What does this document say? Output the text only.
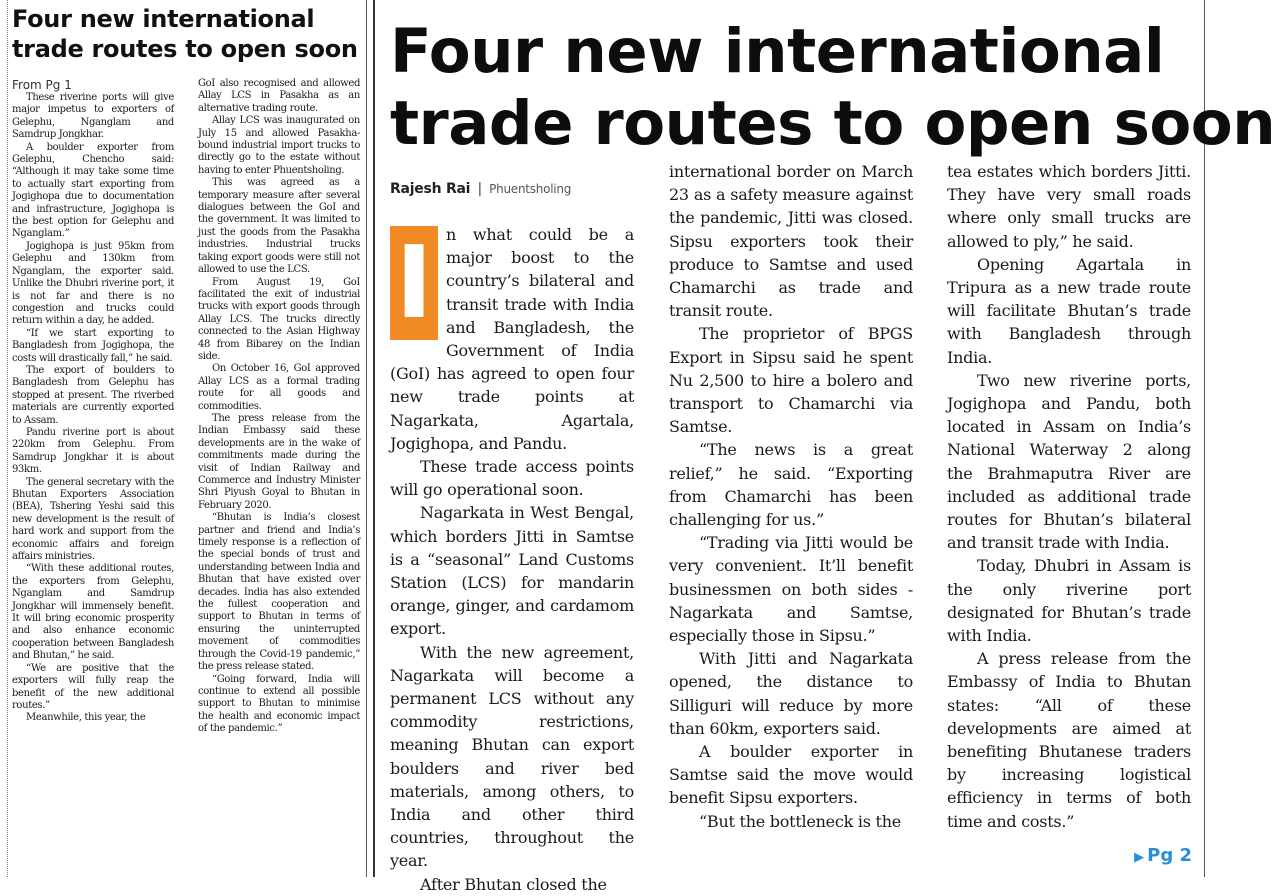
Four new international
trade routes to open soon
From Pg 1

These riverine ports will give major impetus to exporters of Gelephu, Nganglam and Samdrup Jongkhar.

A boulder exporter from Gelephu, Chencho said: “Although it may take some time to actually start exporting from Jogighopa due to documentation and infrastructure, Jogighopa is the best option for Gelephu and Nganglam.”

Jogighopa is just 95km from Gelephu and 130km from Nganglam, the exporter said. Unlike the Dhubri riverine port, it is not far and there is no congestion and trucks could return within a day, he added.

“If we start exporting to Bangladesh from Jogighopa, the costs will drastically fall,” he said.

The export of boulders to Bangladesh from Gelephu has stopped at present. The riverbed materials are currently exported to Assam.

Pandu riverine port is about 220km from Gelephu. From Samdrup Jongkhar it is about 93km.

The general secretary with the Bhutan Exporters Association (BEA), Tshering Yeshi said this new development is the result of hard work and support from the economic affairs and foreign affairs ministries.

“With these additional routes, the exporters from Gelephu, Nganglam and Samdrup Jongkhar will immensely benefit. It will bring economic prosperity and also enhance economic cooperation between Bangladesh and Bhutan,” he said.

“We are positive that the exporters will fully reap the benefit of the new additional routes.”

Meanwhile, this year, the

GoI also recognised and allowed Allay LCS in Pasakha as an alternative trading route.

Allay LCS was inaugurated on July 15 and allowed Pasakha-bound industrial import trucks to directly go to the estate without having to enter Phuentsholing.

This was agreed as a temporary measure after several dialogues between the GoI and the government. It was limited to just the goods from the Pasakha industries. Industrial trucks taking export goods were still not allowed to use the LCS.

From August 19, GoI facilitated the exit of industrial trucks with export goods through Allay LCS. The trucks directly connected to the Asian Highway 48 from Bibarey on the Indian side.

On October 16, GoI approved Allay LCS as a formal trading route for all goods and commodities.

The press release from the Indian Embassy said these developments are in the wake of commitments made during the visit of Indian Railway and Commerce and Industry Minister Shri Piyush Goyal to Bhutan in February 2020.

“Bhutan is India’s closest partner and friend and India’s timely response is a reflection of the special bonds of trust and understanding between India and Bhutan that have existed over decades. India has also extended the fullest cooperation and support to Bhutan in terms of ensuring the uninterrupted movement of commodities through the Covid-19 pandemic,” the press release stated.

“Going forward, India will continue to extend all possible support to Bhutan to minimise the health and economic impact of the pandemic.”

Four new international
trade routes to open soon
Rajesh Rai | Phuentsholing

I n what could be a major boost to the country’s bilateral and transit trade with India and Bangladesh, the Government of India (GoI) has agreed to open four new trade points at Nagarkata, Agartala, Jogighopa, and Pandu.

These trade access points will go operational soon.

Nagarkata in West Bengal, which borders Jitti in Samtse is a “seasonal” Land Customs Station (LCS) for mandarin orange, ginger, and cardamom export.

With the new agreement, Nagarkata will become a permanent LCS without any commodity restrictions, meaning Bhutan can export boulders and river bed materials, among others, to India and other third countries, throughout the year.

After Bhutan closed the

international border on March 23 as a safety measure against the pandemic, Jitti was closed. Sipsu exporters took their produce to Samtse and used Chamarchi as trade and transit route.

The proprietor of BPGS Export in Sipsu said he spent Nu 2,500 to hire a bolero and transport to Chamarchi via Samtse.

“The news is a great relief,” he said. “Exporting from Chamarchi has been challenging for us.”

“Trading via Jitti would be very convenient. It’ll benefit businessmen on both sides - Nagarkata and Samtse, especially those in Sipsu.”

With Jitti and Nagarkata opened, the distance to Silliguri will reduce by more than 60km, exporters said.

A boulder exporter in Samtse said the move would benefit Sipsu exporters.

“But the bottleneck is the

tea estates which borders Jitti. They have very small roads where only small trucks are allowed to ply,” he said.

Opening Agartala in Tripura as a new trade route will facilitate Bhutan’s trade with Bangladesh through India.

Two new riverine ports, Jogighopa and Pandu, both located in Assam on India’s National Waterway 2 along the Brahmaputra River are included as additional trade routes for Bhutan’s bilateral and transit trade with India.

Today, Dhubri in Assam is the only riverine port designated for Bhutan’s trade with India.

A press release from the Embassy of India to Bhutan states: “All of these developments are aimed at benefiting Bhutanese traders by increasing logistical efficiency in terms of both time and costs.”

▶ Pg 2
